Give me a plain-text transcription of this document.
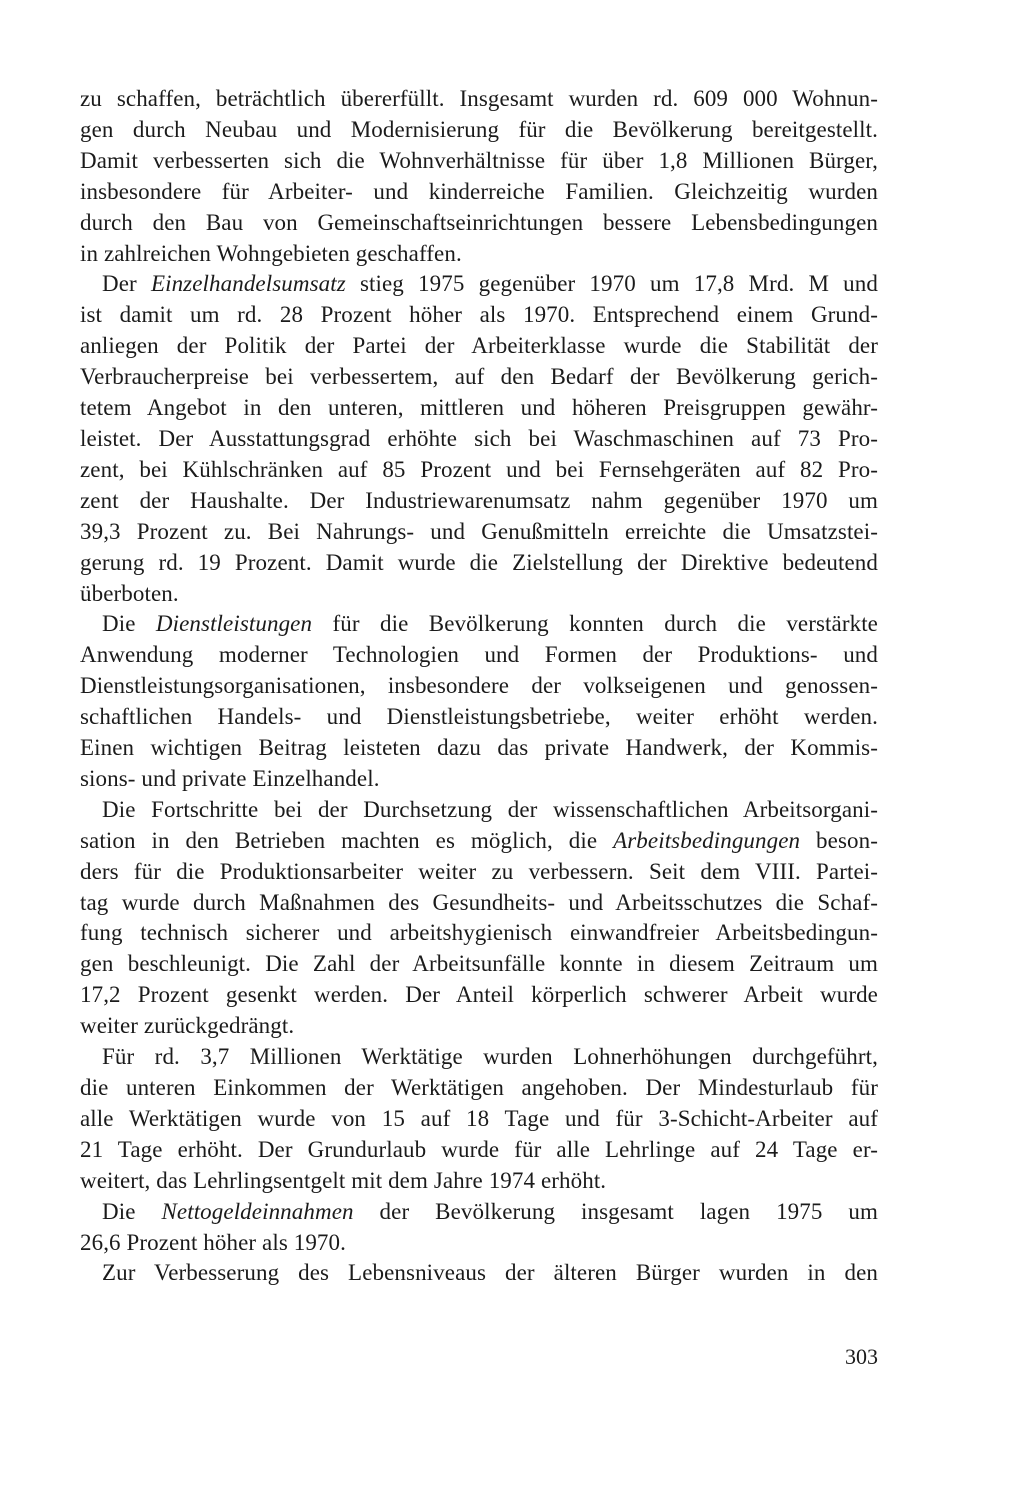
zu schaffen, beträchtlich übererfüllt. Insgesamt wurden rd. 609 000 Wohnun-
gen durch Neubau und Modernisierung für die Bevölkerung bereitgestellt.
Damit verbesserten sich die Wohnverhältnisse für über 1,8 Millionen Bürger,
insbesondere für Arbeiter- und kinderreiche Familien. Gleichzeitig wurden
durch den Bau von Gemeinschaftseinrichtungen bessere Lebensbedingungen
in zahlreichen Wohngebieten geschaffen.
Der Einzelhandelsumsatz stieg 1975 gegenüber 1970 um 17,8 Mrd. M und
ist damit um rd. 28 Prozent höher als 1970. Entsprechend einem Grund-
anliegen der Politik der Partei der Arbeiterklasse wurde die Stabilität der
Verbraucherpreise bei verbessertem, auf den Bedarf der Bevölkerung gerich-
tetem Angebot in den unteren, mittleren und höheren Preisgruppen gewähr-
leistet. Der Ausstattungsgrad erhöhte sich bei Waschmaschinen auf 73 Pro-
zent, bei Kühlschränken auf 85 Prozent und bei Fernsehgeräten auf 82 Pro-
zent der Haushalte. Der Industriewarenumsatz nahm gegenüber 1970 um
39,3 Prozent zu. Bei Nahrungs- und Genußmitteln erreichte die Umsatzstei-
gerung rd. 19 Prozent. Damit wurde die Zielstellung der Direktive bedeutend
überboten.
Die Dienstleistungen für die Bevölkerung konnten durch die verstärkte
Anwendung moderner Technologien und Formen der Produktions- und
Dienstleistungsorganisationen, insbesondere der volkseigenen und genossen-
schaftlichen Handels- und Dienstleistungsbetriebe, weiter erhöht werden.
Einen wichtigen Beitrag leisteten dazu das private Handwerk, der Kommis-
sions- und private Einzelhandel.
Die Fortschritte bei der Durchsetzung der wissenschaftlichen Arbeitsorgani-
sation in den Betrieben machten es möglich, die Arbeitsbedingungen beson-
ders für die Produktionsarbeiter weiter zu verbessern. Seit dem VIII. Partei-
tag wurde durch Maßnahmen des Gesundheits- und Arbeitsschutzes die Schaf-
fung technisch sicherer und arbeitshygienisch einwandfreier Arbeitsbedingun-
gen beschleunigt. Die Zahl der Arbeitsunfälle konnte in diesem Zeitraum um
17,2 Prozent gesenkt werden. Der Anteil körperlich schwerer Arbeit wurde
weiter zurückgedrängt.
Für rd. 3,7 Millionen Werktätige wurden Lohnerhöhungen durchgeführt,
die unteren Einkommen der Werktätigen angehoben. Der Mindesturlaub für
alle Werktätigen wurde von 15 auf 18 Tage und für 3-Schicht-Arbeiter auf
21 Tage erhöht. Der Grundurlaub wurde für alle Lehrlinge auf 24 Tage er-
weitert, das Lehrlingsentgelt mit dem Jahre 1974 erhöht.
Die Nettogeldeinnahmen der Bevölkerung insgesamt lagen 1975 um
26,6 Prozent höher als 1970.
Zur Verbesserung des Lebensniveaus der älteren Bürger wurden in den
303
